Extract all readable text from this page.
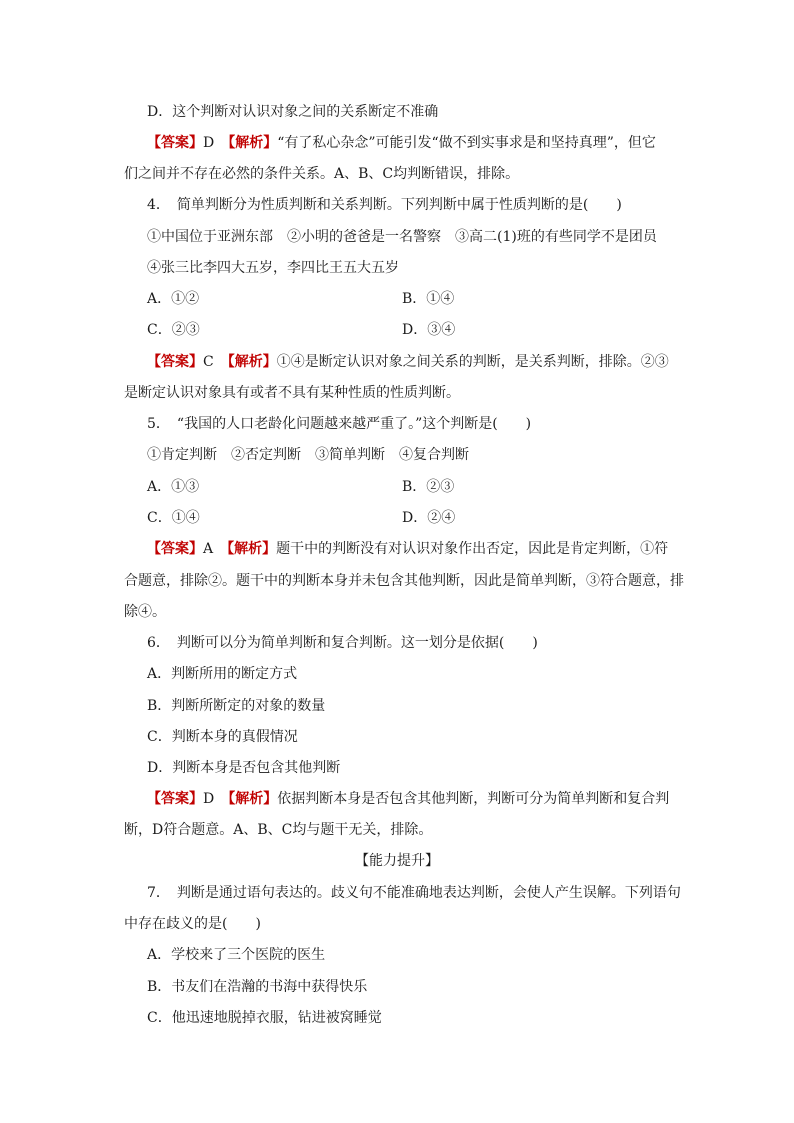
D．这个判断对认识对象之间的关系断定不准确
【答案】D　 【解析】“有了私心杂念”可能引发“做不到实事求是和坚持真理”，但它
们之间并不存在必然的条件关系。A、B、C均判断错误，排除。
4．　简单判断分为性质判断和关系判断。下列判断中属于性质判断的是(　　)
①中国位于亚洲东部　②小明的爸爸是一名警察　③高二(1)班的有些同学不是团员
④张三比李四大五岁，李四比王五大五岁
A．①②	B．①④
C．②③	D．③④
【答案】C　 【解析】①④是断定认识对象之间关系的判断，是关系判断，排除。②③
是断定认识对象具有或者不具有某种性质的性质判断。
5．　“我国的人口老龄化问题越来越严重了。”这个判断是(　　)
①肯定判断　②否定判断　③简单判断　④复合判断
A．①③	B．②③
C．①④	D．②④
【答案】A　 【解析】题干中的判断没有对认识对象作出否定，因此是肯定判断，①符
合题意，排除②。题干中的判断本身并未包含其他判断，因此是简单判断，③符合题意，排
除④。
6．　判断可以分为简单判断和复合判断。这一划分是依据(　　)
A．判断所用的断定方式
B．判断所断定的对象的数量
C．判断本身的真假情况
D．判断本身是否包含其他判断
【答案】D　 【解析】依据判断本身是否包含其他判断，判断可分为简单判断和复合判
断，D符合题意。A、B、C均与题干无关，排除。
【能力提升】
7．　判断是通过语句表达的。歧义句不能准确地表达判断，会使人产生误解。下列语句
中存在歧义的是(　　)
A．学校来了三个医院的医生
B．书友们在浩瀚的书海中获得快乐
C．他迅速地脱掉衣服，钻进被窝睡觉
